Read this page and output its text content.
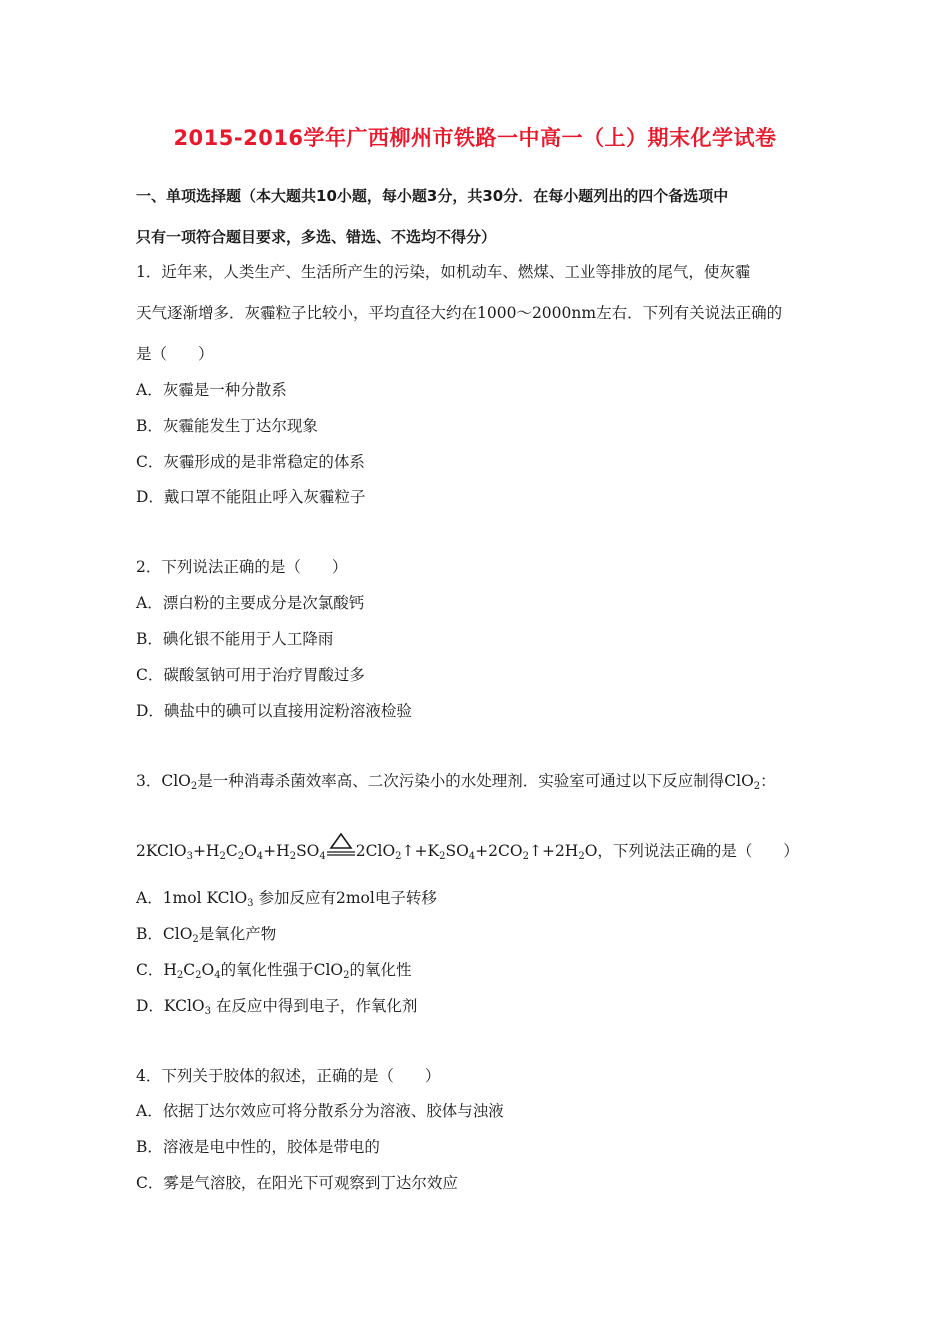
2015-2016学年广西柳州市铁路一中高一（上）期末化学试卷
一、单项选择题（本大题共10小题，每小题3分，共30分．在每小题列出的四个备选项中
只有一项符合题目要求，多选、错选、不选均不得分）
1．近年来，人类生产、生活所产生的污染，如机动车、燃煤、工业等排放的尾气，使灰霾
天气逐渐增多．灰霾粒子比较小，平均直径大约在1000～2000nm左右．下列有关说法正确的
是（　　）
A．灰霾是一种分散系
B．灰霾能发生丁达尔现象
C．灰霾形成的是非常稳定的体系
D．戴口罩不能阻止呼入灰霾粒子
2．下列说法正确的是（　　）
A．漂白粉的主要成分是次氯酸钙
B．碘化银不能用于人工降雨
C．碳酸氢钠可用于治疗胃酸过多
D．碘盐中的碘可以直接用淀粉溶液检验
3．ClO$_2$是一种消毒杀菌效率高、二次污染小的水处理剂．实验室可通过以下反应制得ClO$_2$：
$2KClO_3+H_2C_2O_4+H_2SO_4$ $2ClO_2↑+K_2SO_4+2CO_2↑+2H_2O$，下列说法正确的是（　　）
A．1mol KClO$_3$ 参加反应有2mol电子转移
B．ClO$_2$是氧化产物
C．$H_2C_2O_4$的氧化性强于ClO$_2$的氧化性
D．KClO$_3$ 在反应中得到电子，作氧化剂
4．下列关于胶体的叙述，正确的是（　　）
A．依据丁达尔效应可将分散系分为溶液、胶体与浊液
B．溶液是电中性的，胶体是带电的
C．雾是气溶胶，在阳光下可观察到丁达尔效应
